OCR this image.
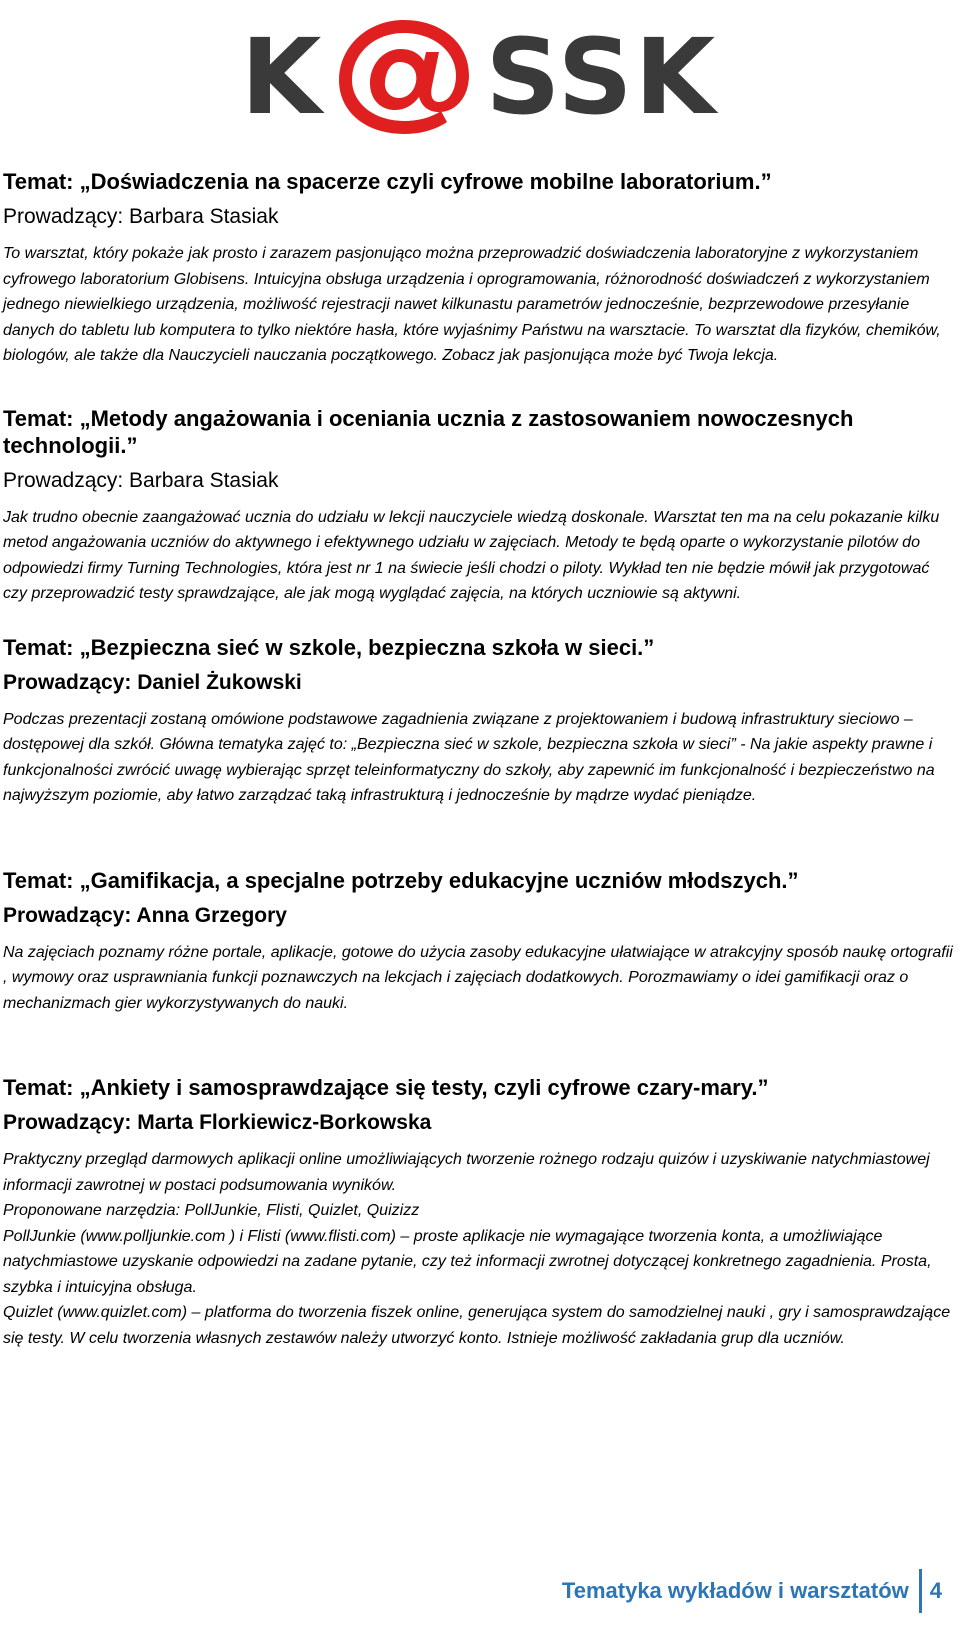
K SSK
Temat: „Doświadczenia na spacerze czyli cyfrowe mobilne laboratorium.”
Prowadzący: Barbara Stasiak

To warsztat, który pokaże jak prosto i zarazem pasjonująco można przeprowadzić doświadczenia laboratoryjne z wykorzystaniem cyfrowego laboratorium Globisens. Intuicyjna obsługa urządzenia i oprogramowania, różnorodność doświadczeń z wykorzystaniem jednego niewielkiego urządzenia, możliwość rejestracji nawet kilkunastu parametrów jednocześnie, bezprzewodowe przesyłanie danych do tabletu lub komputera to tylko niektóre hasła, które wyjaśnimy Państwu na warsztacie. To warsztat dla fizyków, chemików, biologów, ale także dla Nauczycieli nauczania początkowego. Zobacz jak pasjonująca może być Twoja lekcja.

Temat: „Metody angażowania i oceniania ucznia z zastosowaniem nowoczesnych technologii.”
Prowadzący: Barbara Stasiak

Jak trudno obecnie zaangażować ucznia do udziału w lekcji nauczyciele wiedzą doskonale. Warsztat ten ma na celu pokazanie kilku metod angażowania uczniów do aktywnego i efektywnego udziału w zajęciach. Metody te będą oparte o wykorzystanie pilotów do odpowiedzi firmy Turning Technologies, która jest nr 1 na świecie jeśli chodzi o piloty. Wykład ten nie będzie mówił jak przygotować czy przeprowadzić testy sprawdzające, ale jak mogą wyglądać zajęcia, na których uczniowie są aktywni.

Temat: „Bezpieczna sieć w szkole, bezpieczna szkoła w sieci.”
Prowadzący: Daniel Żukowski

Podczas prezentacji zostaną omówione podstawowe zagadnienia związane z projektowaniem i budową infrastruktury sieciowo – dostępowej dla szkół. Główna tematyka zajęć to: „Bezpieczna sieć w szkole, bezpieczna szkoła w sieci” - Na jakie aspekty prawne i funkcjonalności zwrócić uwagę wybierając sprzęt teleinformatyczny do szkoły, aby zapewnić im funkcjonalność i bezpieczeństwo na najwyższym poziomie, aby łatwo zarządzać taką infrastrukturą i jednocześnie by mądrze wydać pieniądze.

Temat: „Gamifikacja, a specjalne potrzeby edukacyjne uczniów młodszych.”
Prowadzący: Anna Grzegory

Na zajęciach poznamy różne portale, aplikacje, gotowe do użycia zasoby edukacyjne ułatwiające w atrakcyjny sposób naukę ortografii , wymowy oraz usprawniania funkcji poznawczych na lekcjach i zajęciach dodatkowych. Porozmawiamy o idei gamifikacji oraz o mechanizmach gier wykorzystywanych do nauki.

Temat: „Ankiety i samosprawdzające się testy, czyli cyfrowe czary-mary.”
Prowadzący: Marta Florkiewicz-Borkowska

Praktyczny przegląd darmowych aplikacji online umożliwiających tworzenie rożnego rodzaju quizów i uzyskiwanie natychmiastowej informacji zawrotnej w postaci podsumowania wyników.

Proponowane narzędzia: PollJunkie, Flisti, Quizlet, Quizizz

PollJunkie (www.polljunkie.com ) i Flisti (www.flisti.com) – proste aplikacje nie wymagające tworzenia konta, a umożliwiające natychmiastowe uzyskanie odpowiedzi na zadane pytanie, czy też informacji zwrotnej dotyczącej konkretnego zagadnienia. Prosta, szybka i intuicyjna obsługa.

Quizlet (www.quizlet.com) – platforma do tworzenia fiszek online, generująca system do samodzielnej nauki , gry i samosprawdzające się testy. W celu tworzenia własnych zestawów należy utworzyć konto. Istnieje możliwość zakładania grup dla uczniów.

Tematyka wykładów i warsztatów 4
